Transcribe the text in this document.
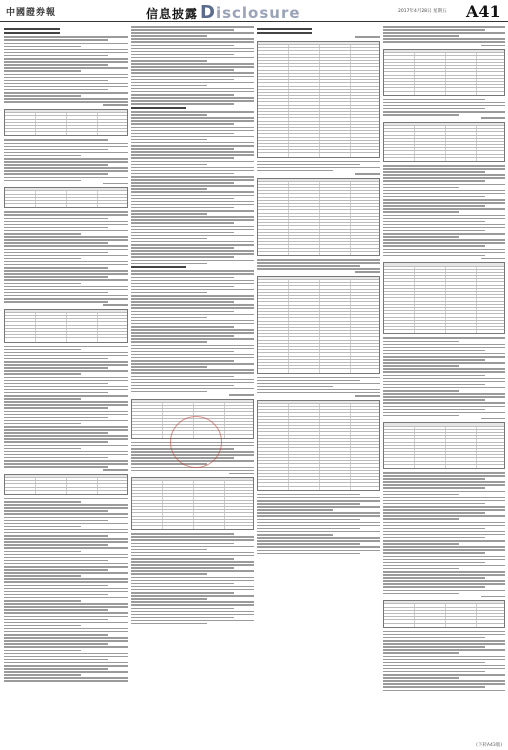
中國證券報	信息披露 Disclosure	2017年4月28日 星期五 A41
(下转A43版)
